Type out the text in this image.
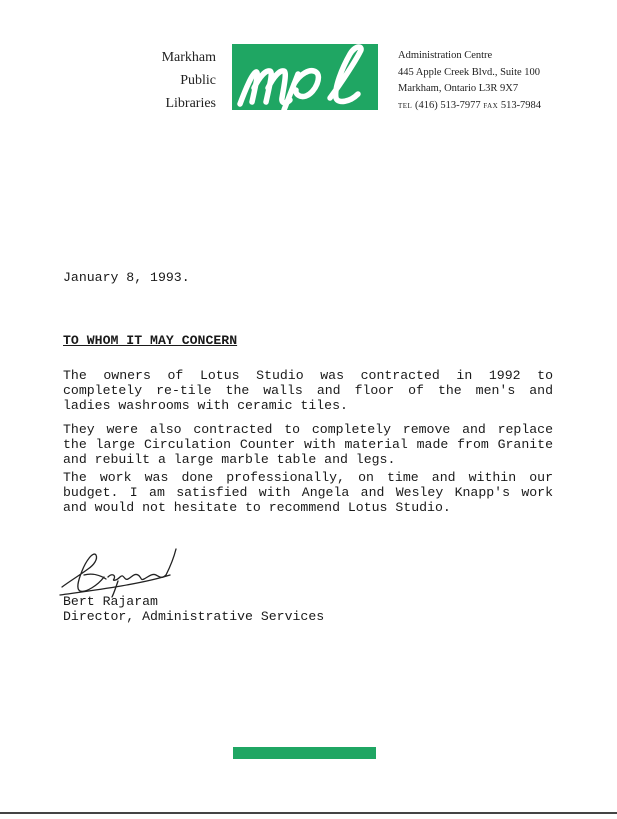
Markham
Public
Libraries
Administration Centre
445 Apple Creek Blvd., Suite 100
Markham, Ontario L3R 9X7
TEL (416) 513-7977 FAX 513-7984
January 8, 1993.
TO WHOM IT MAY CONCERN

The owners of Lotus Studio was contracted in 1992 to completely re-tile the walls and floor of the men's and ladies washrooms with ceramic tiles.

They were also contracted to completely remove and replace the large Circulation Counter with material made from Granite and rebuilt a large marble table and legs.

The work was done professionally, on time and within our budget. I am satisfied with Angela and Wesley Knapp's work and would not hesitate to recommend Lotus Studio.

Bert Rajaram
Director, Administrative Services
